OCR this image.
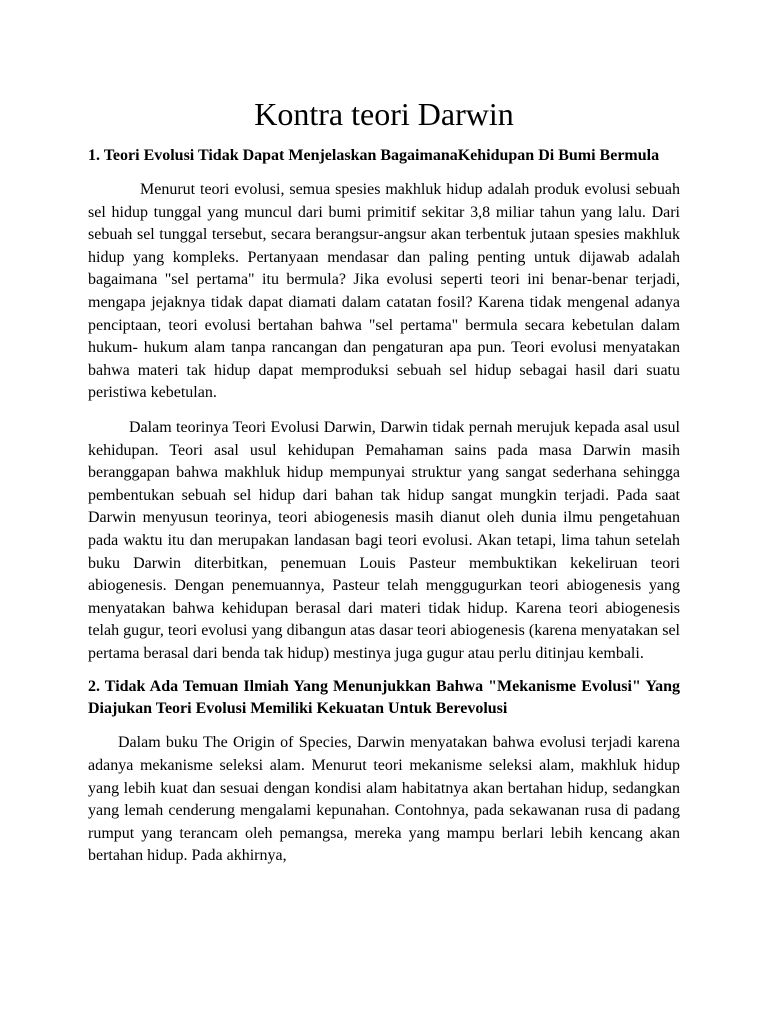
Kontra teori Darwin
1. Teori Evolusi Tidak Dapat Menjelaskan BagaimanaKehidupan Di Bumi Bermula

Menurut teori evolusi, semua spesies makhluk hidup adalah produk evolusi sebuah sel hidup tunggal yang muncul dari bumi primitif sekitar 3,8 miliar tahun yang lalu. Dari sebuah sel tunggal tersebut, secara berangsur-angsur akan terbentuk jutaan spesies makhluk hidup yang kompleks. Pertanyaan mendasar dan paling penting untuk dijawab adalah bagaimana "sel pertama" itu bermula? Jika evolusi seperti teori ini benar-benar terjadi, mengapa jejaknya tidak dapat diamati dalam catatan fosil? Karena tidak mengenal adanya penciptaan, teori evolusi bertahan bahwa "sel pertama" bermula secara kebetulan dalam hukum- hukum alam tanpa rancangan dan pengaturan apa pun. Teori evolusi menyatakan bahwa materi tak hidup dapat memproduksi sebuah sel hidup sebagai hasil dari suatu peristiwa kebetulan.

Dalam teorinya Teori Evolusi Darwin, Darwin tidak pernah merujuk kepada asal usul kehidupan. Teori asal usul kehidupan Pemahaman sains pada masa Darwin masih beranggapan bahwa makhluk hidup mempunyai struktur yang sangat sederhana sehingga pembentukan sebuah sel hidup dari bahan tak hidup sangat mungkin terjadi. Pada saat Darwin menyusun teorinya, teori abiogenesis masih dianut oleh dunia ilmu pengetahuan pada waktu itu dan merupakan landasan bagi teori evolusi. Akan tetapi, lima tahun setelah buku Darwin diterbitkan, penemuan Louis Pasteur membuktikan kekeliruan teori abiogenesis. Dengan penemuannya, Pasteur telah menggugurkan teori abiogenesis yang menyatakan bahwa kehidupan berasal dari materi tidak hidup. Karena teori abiogenesis telah gugur, teori evolusi yang dibangun atas dasar teori abiogenesis (karena menyatakan sel pertama berasal dari benda tak hidup) mestinya juga gugur atau perlu ditinjau kembali.

2. Tidak Ada Temuan Ilmiah Yang Menunjukkan Bahwa "Mekanisme Evolusi" Yang Diajukan Teori Evolusi Memiliki Kekuatan Untuk Berevolusi

Dalam buku The Origin of Species, Darwin menyatakan bahwa evolusi terjadi karena adanya mekanisme seleksi alam. Menurut teori mekanisme seleksi alam, makhluk hidup yang lebih kuat dan sesuai dengan kondisi alam habitatnya akan bertahan hidup, sedangkan yang lemah cenderung mengalami kepunahan. Contohnya, pada sekawanan rusa di padang rumput yang terancam oleh pemangsa, mereka yang mampu berlari lebih kencang akan bertahan hidup. Pada akhirnya,
